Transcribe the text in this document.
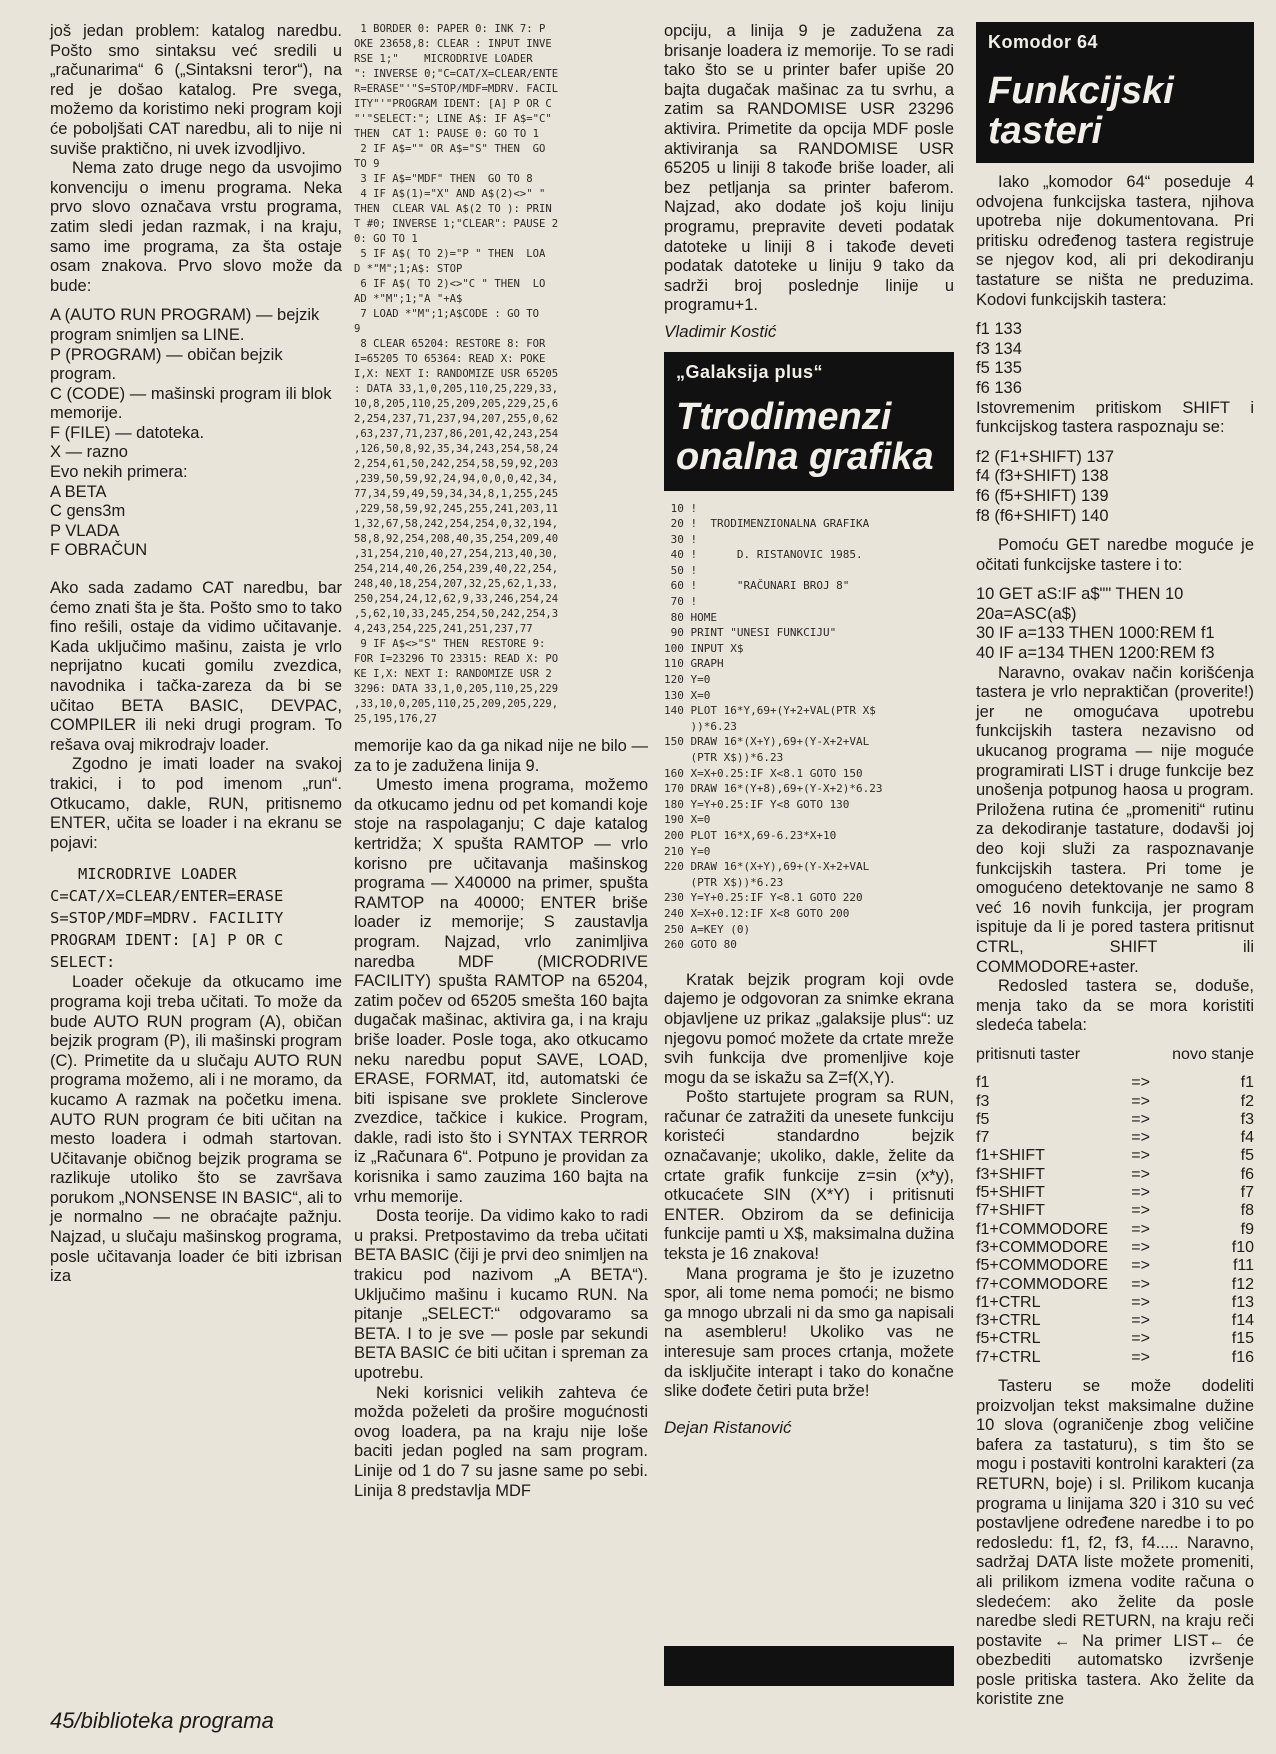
još jedan problem: katalog naredbu. Pošto smo sintaksu već sredili u „računarima“ 6 („Sintaksni teror“), na red je došao katalog. Pre svega, možemo da koristimo neki program koji će poboljšati CAT naredbu, ali to nije ni suviše praktično, ni uvek izvodljivo.

Nema zato druge nego da usvojimo konvenciju o imenu programa. Neka prvo slovo označava vrstu programa, zatim sledi jedan razmak, i na kraju, samo ime programa, za šta ostaje osam znakova. Prvo slovo može da bude:

A (AUTO RUN PROGRAM) — bejzik program snimljen sa LINE.

P (PROGRAM) — običan bejzik program.

C (CODE) — mašinski program ili blok memorije.

F (FILE) — datoteka.

X — razno

Evo nekih primera:

A BETA

C gens3m

P VLADA

F OBRAČUN

Ako sada zadamo CAT naredbu, bar ćemo znati šta je šta. Pošto smo to tako fino rešili, ostaje da vidimo učitavanje. Kada uključimo mašinu, zaista je vrlo neprijatno kucati gomilu zvezdica, navodnika i tačka-zareza da bi se učitao BETA BASIC, DEVPAC, COMPILER ili neki drugi program. To rešava ovaj mikrodrajv loader.

Zgodno je imati loader na svakoj trakici, i to pod imenom „run“. Otkucamo, dakle, RUN, pritisnemo ENTER, učita se loader i na ekranu se pojavi:

MICRODRIVE LOADER
C=CAT/X=CLEAR/ENTER=ERASE
S=STOP/MDF=MDRV. FACILITY
PROGRAM IDENT: [A] P OR C
SELECT:

Loader očekuje da otkucamo ime programa koji treba učitati. To može da bude AUTO RUN program (A), običan bejzik program (P), ili mašinski program (C). Primetite da u slučaju AUTO RUN programa možemo, ali i ne moramo, da kucamo A razmak na početku imena. AUTO RUN program će biti učitan na mesto loadera i odmah startovan. Učitavanje običnog bejzik programa se razlikuje utoliko što se završava porukom „NONSENSE IN BASIC“, ali to je normalno — ne obraćajte pažnju. Najzad, u slučaju mašinskog programa, posle učitavanja loader će biti izbrisan iza

1 BORDER 0: PAPER 0: INK 7: P
OKE 23658,8: CLEAR : INPUT INVE
RSE 1;"    MICRODRIVE LOADER
": INVERSE 0;"C=CAT/X=CLEAR/ENTE
R=ERASE"'"S=STOP/MDF=MDRV. FACIL
ITY"'"PROGRAM IDENT: [A] P OR C
"'"SELECT:"; LINE A$: IF A$="C"
THEN  CAT 1: PAUSE 0: GO TO 1
2 IF A$="" OR A$="S" THEN  GO
TO 9
3 IF A$="MDF" THEN  GO TO 8
4 IF A$(1)="X" AND A$(2)<>" "
THEN  CLEAR VAL A$(2 TO ): PRIN
T #0; INVERSE 1;"CLEAR": PAUSE 2
0: GO TO 1
5 IF A$( TO 2)="P " THEN  LOA
D *"M";1;A$: STOP
6 IF A$( TO 2)<>"C " THEN  LO
AD *"M";1;"A "+A$
7 LOAD *"M";1;A$CODE : GO TO
9
8 CLEAR 65204: RESTORE 8: FOR
I=65205 TO 65364: READ X: POKE
I,X: NEXT I: RANDOMIZE USR 65205
: DATA 33,1,0,205,110,25,229,33,
10,8,205,110,25,209,205,229,25,6
2,254,237,71,237,94,207,255,0,62
,63,237,71,237,86,201,42,243,254
,126,50,8,92,35,34,243,254,58,24
2,254,61,50,242,254,58,59,92,203
,239,50,59,92,24,94,0,0,0,42,34,
77,34,59,49,59,34,34,8,1,255,245
,229,58,59,92,245,255,241,203,11
1,32,67,58,242,254,254,0,32,194,
58,8,92,254,208,40,35,254,209,40
,31,254,210,40,27,254,213,40,30,
254,214,40,26,254,239,40,22,254,
248,40,18,254,207,32,25,62,1,33,
250,254,24,12,62,9,33,246,254,24
,5,62,10,33,245,254,50,242,254,3
4,243,254,225,241,251,237,77
9 IF A$<>"S" THEN  RESTORE 9:
FOR I=23296 TO 23315: READ X: PO
KE I,X: NEXT I: RANDOMIZE USR 2
3296: DATA 33,1,0,205,110,25,229
,33,10,0,205,110,25,209,205,229,
25,195,176,27

memorije kao da ga nikad nije ne bilo — za to je zadužena linija 9.

Umesto imena programa, možemo da otkucamo jednu od pet komandi koje stoje na raspolaganju; C daje katalog kertridža; X spušta RAMTOP — vrlo korisno pre učitavanja mašinskog programa — X40000 na primer, spušta RAMTOP na 40000; ENTER briše loader iz memorije; S zaustavlja program. Najzad, vrlo zanimljiva naredba MDF (MICRODRIVE FACILITY) spušta RAMTOP na 65204, zatim počev od 65205 smešta 160 bajta dugačak mašinac, aktivira ga, i na kraju briše loader. Posle toga, ako otkucamo neku naredbu poput SAVE, LOAD, ERASE, FORMAT, itd, automatski će biti ispisane sve proklete Sinclerove zvezdice, tačkice i kukice. Program, dakle, radi isto što i SYNTAX TERROR iz „Računara 6“. Potpuno je providan za korisnika i samo zauzima 160 bajta na vrhu memorije.

Dosta teorije. Da vidimo kako to radi u praksi. Pretpostavimo da treba učitati BETA BASIC (čiji je prvi deo snimljen na trakicu pod nazivom „A BETA“). Uključimo mašinu i kucamo RUN. Na pitanje „SELECT:“ odgovaramo sa BETA. I to je sve — posle par sekundi BETA BASIC će biti učitan i spreman za upotrebu.

Neki korisnici velikih zahteva će možda poželeti da prošire mogućnosti ovog loadera, pa na kraju nije loše baciti jedan pogled na sam program. Linije od 1 do 7 su jasne same po sebi. Linija 8 predstavlja MDF

opciju, a linija 9 je zadužena za brisanje loadera iz memorije. To se radi tako što se u printer bafer upiše 20 bajta dugačak mašinac za tu svrhu, a zatim sa RANDOMISE USR 23296 aktivira. Primetite da opcija MDF posle aktiviranja sa RANDOMISE USR 65205 u liniji 8 takođe briše loader, ali bez petljanja sa printer baferom. Najzad, ako dodate još koju liniju programu, prepravite deveti podatak datoteke u liniji 8 i takođe deveti podatak datoteke u liniju 9 tako da sadrži broj poslednje linije u programu+1.

Vladimir Kostić

„Galaksija plus“
Ttrodimenzi onalna grafika
10 !
20 !  TRODIMENZIONALNA GRAFIKA
30 !
40 !      D. RISTANOVIC 1985.
50 !
60 !      "RAČUNARI BROJ 8"
70 !
80 HOME
90 PRINT "UNESI FUNKCIJU"
100 INPUT X$
110 GRAPH
120 Y=0
130 X=0
140 PLOT 16*Y,69+(Y+2+VAL(PTR X$
))*6.23
150 DRAW 16*(X+Y),69+(Y-X+2+VAL
(PTR X$))*6.23
160 X=X+0.25:IF X<8.1 GOTO 150
170 DRAW 16*(Y+8),69+(Y-X+2)*6.23
180 Y=Y+0.25:IF Y<8 GOTO 130
190 X=0
200 PLOT 16*X,69-6.23*X+10
210 Y=0
220 DRAW 16*(X+Y),69+(Y-X+2+VAL
(PTR X$))*6.23
230 Y=Y+0.25:IF Y<8.1 GOTO 220
240 X=X+0.12:IF X<8 GOTO 200
250 A=KEY (0)
260 GOTO 80

Kratak bejzik program koji ovde dajemo je odgovoran za snimke ekrana objavljene uz prikaz „galaksije plus“: uz njegovu pomoć možete da crtate mreže svih funkcija dve promenljive koje mogu da se iskažu sa Z=f(X,Y).

Pošto startujete program sa RUN, računar će zatražiti da unesete funkciju koristeći standardno bejzik označavanje; ukoliko, dakle, želite da crtate grafik funkcije z=sin (x*y), otkucaćete SIN (X*Y) i pritisnuti ENTER. Obzirom da se definicija funkcije pamti u X$, maksimalna dužina teksta je 16 znakova!

Mana programa je što je izuzetno spor, ali tome nema pomoći; ne bismo ga mnogo ubrzali ni da smo ga napisali na asembleru! Ukoliko vas ne interesuje sam proces crtanja, možete da isključite interapt i tako do konačne slike dođete četiri puta brže!

Dejan Ristanović

Komodor 64
Funkcijski tasteri

Iako „komodor 64“ poseduje 4 odvojena funkcijska tastera, njihova upotreba nije dokumentovana. Pri pritisku određenog tastera registruje se njegov kod, ali pri dekodiranju tastature se ništa ne preduzima. Kodovi funkcijskih tastera:

f1 133

f3 134

f5 135

f6 136

Istovremenim pritiskom SHIFT i funkcijskog tastera raspoznaju se:

f2 (F1+SHIFT) 137

f4 (f3+SHIFT) 138

f6 (f5+SHIFT) 139

f8 (f6+SHIFT) 140

Pomoću GET naredbe moguće je očitati funkcijske tastere i to:

10 GET aS:IF a$"" THEN 10

20a=ASC(a$)

30 IF a=133 THEN 1000:REM f1

40 IF a=134 THEN 1200:REM f3

Naravno, ovakav način korišćenja tastera je vrlo nepraktičan (proverite!) jer ne omogućava upotrebu funkcijskih tastera nezavisno od ukucanog programa — nije moguće programirati LIST i druge funkcije bez unošenja potpunog haosa u program. Priložena rutina će „promeniti“ rutinu za dekodiranje tastature, dodavši joj deo koji služi za raspoznavanje funkcijskih tastera. Pri tome je omogućeno detektovanje ne samo 8 već 16 novih funkcija, jer program ispituje da li je pored tastera pritisnut CTRL, SHIFT ili COMMODORE+aster.

Redosled tastera se, doduše, menja tako da se mora koristiti sledeća tabela:

pritisnuti taster		novo stanje

f1	=>	f1
f3	=>	f2
f5	=>	f3
f7	=>	f4
f1+SHIFT	=>	f5
f3+SHIFT	=>	f6
f5+SHIFT	=>	f7
f7+SHIFT	=>	f8
f1+COMMODORE	=>	f9
f3+COMMODORE	=>	f10
f5+COMMODORE	=>	f11
f7+COMMODORE	=>	f12
f1+CTRL	=>	f13
f3+CTRL	=>	f14
f5+CTRL	=>	f15
f7+CTRL	=>	f16

Tasteru se može dodeliti proizvoljan tekst maksimalne dužine 10 slova (ograničenje zbog veličine bafera za tastaturu), s tim što se mogu i postaviti kontrolni karakteri (za RETURN, boje) i sl. Prilikom kucanja programa u linijama 320 i 310 su već postavljene određene naredbe i to po redosledu: f1, f2, f3, f4..... Naravno, sadržaj DATA liste možete promeniti, ali prilikom izmena vodite računa o sledećem: ako želite da posle naredbe sledi RETURN, na kraju reči postavite ← Na primer LIST← će obezbediti automatsko izvršenje posle pritiska tastera. Ako želite da koristite zne

45/biblioteka programa
